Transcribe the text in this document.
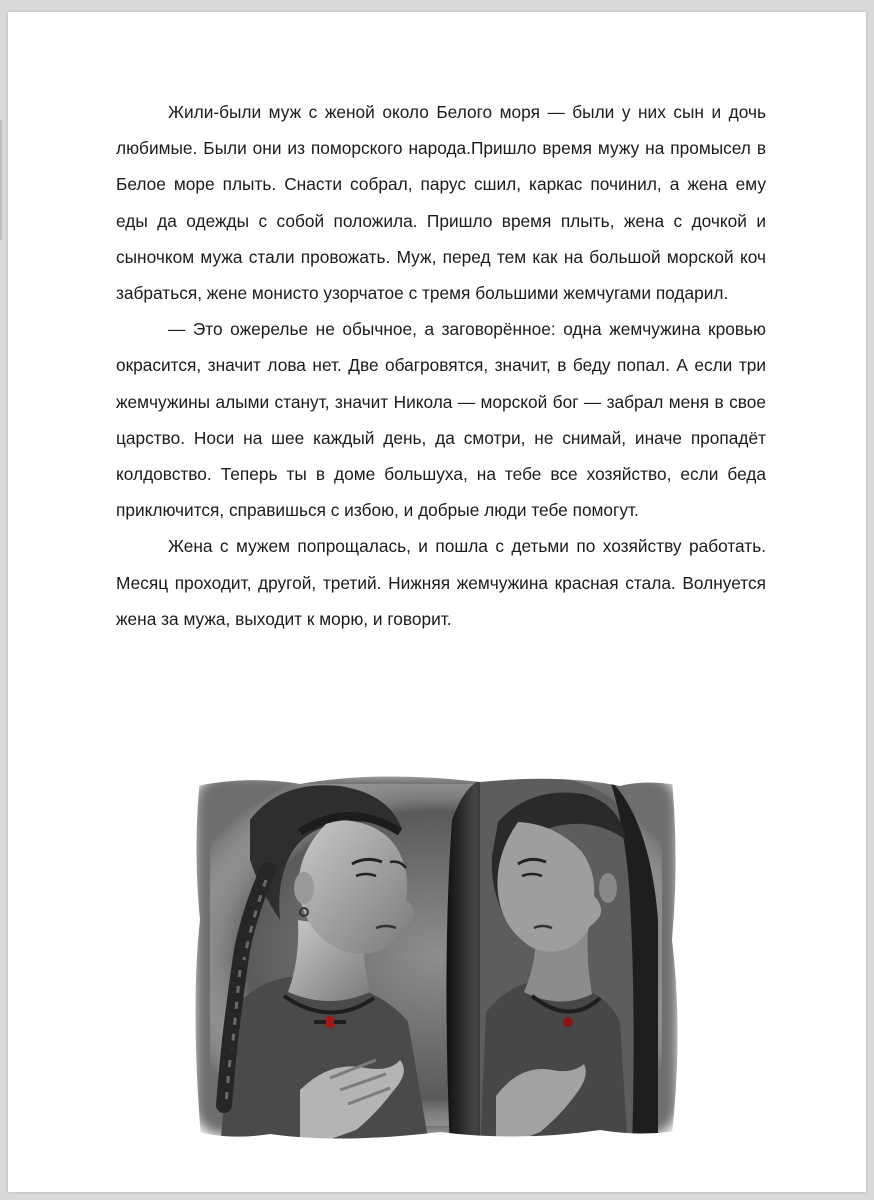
Жили-были муж с женой около Белого моря — были у них сын и дочь любимые. Были они из поморского народа.Пришло время мужу на промысел в Белое море плыть. Снасти собрал, парус сшил, каркас починил, а жена ему еды да одежды с собой положила. Пришло время плыть, жена с дочкой и сыночком мужа стали провожать. Муж, перед тем как на большой морской коч забраться, жене монисто узорчатое с тремя большими жемчугами подарил.

— Это ожерелье не обычное, а заговорённое: одна жемчужина кровью окрасится, значит лова нет. Две обагровятся, значит, в беду попал. А если три жемчужины алыми станут, значит Никола — морской бог — забрал меня в свое царство. Носи на шее каждый день, да смотри, не снимай, иначе пропадёт колдовство. Теперь ты в доме большуха, на тебе все хозяйство, если беда приключится, справишься с избою, и добрые люди тебе помогут.

Жена с мужем попрощалась, и пошла с детьми по хозяйству работать. Месяц проходит, другой, третий. Нижняя жемчужина красная стала. Волнуется жена за мужа, выходит к морю, и говорит.
